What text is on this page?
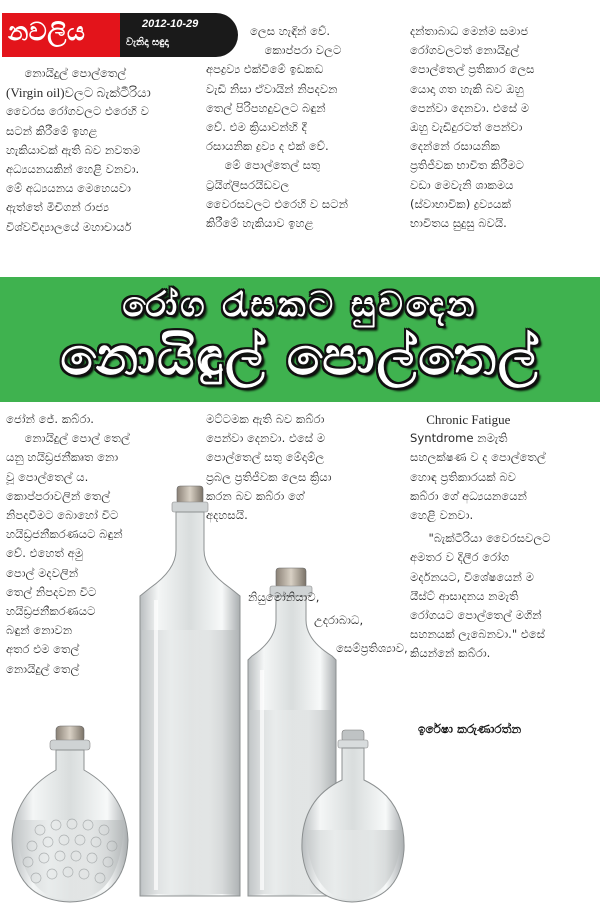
නවලිය	2012-10-29
වැනිදා සඳුදා

නොයිදුල් පොල්තෙල්

(Virgin oil)වලට බැක්ටීරියා

වෛරස රෝගවලට එරෙහි ව

සටන් කිරීමේ ඉහළ

හැකියාවක් ඇති බව නවතම

අධ්‍යයනයකින් හෙළි වනවා.

මේ අධ්‍යයනය මෙහෙයවා

ඇත්තේ මිචිගන් රාජ්‍ය

විශ්වවිද්‍යාලයේ මහාචාර්ය

ලෙස හැඳින් වේ.

කොප්පරා වලට

අපද්‍රව්‍ය එක්වීමේ ඉඩකඩ

වැඩි නිසා ඒවායින් නිපදවන

තෙල් පිරිපහදුවලට බඳුන්

වේ. එම ක්‍රියාවන්හි දී

රසායනික ද්‍රව්‍ය ද එක් වේ.

මේ පොල්තෙල් සතු

ට්‍රයිග්ලිසරයිඩවල

වෛරසවලට එරෙහි ව සටන්

කිරීමේ හැකියාව ඉහළ

දන්තාබාධ මෙන්ම සමාජ

රෝගවලටත් නොයිදුල්

පොල්තෙල් ප්‍රතිකාර ලෙස

යොදා ගත හැකි බව ඔහු

පෙන්වා දෙනවා. එසේ ම

ඔහු වැඩිදුරටත් පෙන්වා

දෙන්නේ රසායනික

ප්‍රතිජීවක භාවිත කිරීමට

වඩා මෙවැනි ශාකමය

(ස්වාභාවික) ද්‍රව්‍යයක්

භාවිතය සුදුසු බවයි.

රෝග රැසකට සුවදෙන
නොයිඳුල් පොල්තෙල්

ජෝන් ජේ. කබ්රා.

නොයිදුල් පොල් තෙල්

යනු හයිඩ්‍රජනීකෘත නො

වූ පොල්තෙල් ය.

කොප්පරාවලින් තෙල්

නිපදවීමට බොහෝ විට

හයිඩ්‍රජනීකරණයට බඳුන්

වේ. එහෙත් අමු

පොල් මදවලින්

තෙල් නිපදවන විට

හයිඩ්‍රජනීකරණයට

බඳුන් නොවන

අතර එම තෙල්

නොයිදුල් තෙල්

මට්ටමක ඇති බව කබ්රා

පෙන්වා දෙනවා. එසේ ම

පොල්තෙල් සතු මේදාම්ල

ප්‍රබල ප්‍රතිජීවක ලෙස ක්‍රියා

කරන බව කබ්රා ගේ

අදහසයි.

නියුමෝනියාව,
උදරාබාධ,
සෙම්ප්‍රතිශ්‍යාව,

Chronic Fatigue

Syntdrome නමැති

සහලක්ෂණ ව ද පොල්තෙල්

හොඳ ප්‍රතිකාරයක් බව

කබ්රා ගේ අධ්‍යයනයෙන්

හෙළි වනවා.

"බැක්ටීරියා වෛරසවලට

අමතර ව දිලීර රෝග

මර්දනයට, විශේෂයෙන් ම

යීස්ට් ආසාදනය නමැති

රෝගයට පොල්තෙල් මගින්

සහනයක් ලැබෙනවා." එසේ

කියන්නේ කබ්රා.

ඉරේෂා කරුණාරත්න
